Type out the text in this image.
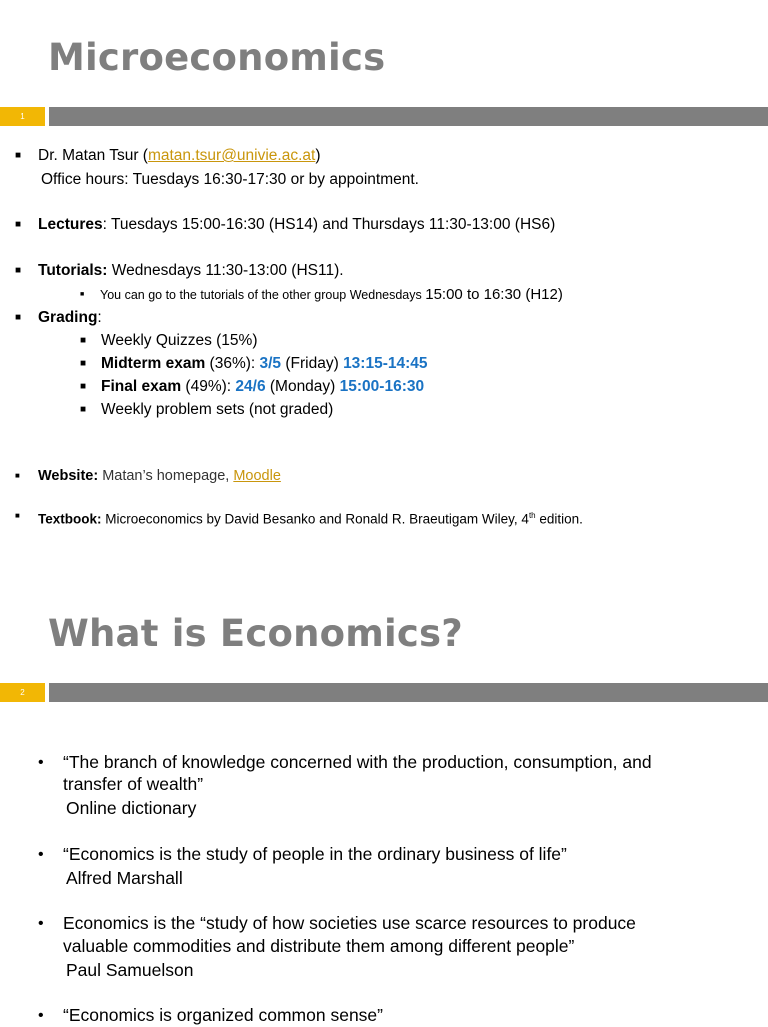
Microeconomics
1
■ Dr. Matan Tsur (matan.tsur@univie.ac.at)
Office hours: Tuesdays 16:30-17:30 or by appointment.
■ Lectures: Tuesdays 15:00-16:30 (HS14) and Thursdays 11:30-13:00 (HS6)
■ Tutorials: Wednesdays 11:30-13:00 (HS11).
■ You can go to the tutorials of the other group Wednesdays 15:00 to 16:30 (H12)
■ Grading:
■ Weekly Quizzes (15%)
■ Midterm exam (36%): 3/5 (Friday) 13:15-14:45
■ Final exam (49%): 24/6 (Monday) 15:00-16:30
■ Weekly problem sets (not graded)
■ Website: Matan’s homepage, Moodle
■ Textbook: Microeconomics by David Besanko and Ronald R. Braeutigam Wiley, 4th edition.
What is Economics?
2
• “The branch of knowledge concerned with the production, consumption, and
transfer of wealth”
Online dictionary
• “Economics is the study of people in the ordinary business of life”
Alfred Marshall
• Economics is the “study of how societies use scarce resources to produce
valuable commodities and distribute them among different people”
Paul Samuelson
• “Economics is organized common sense”
